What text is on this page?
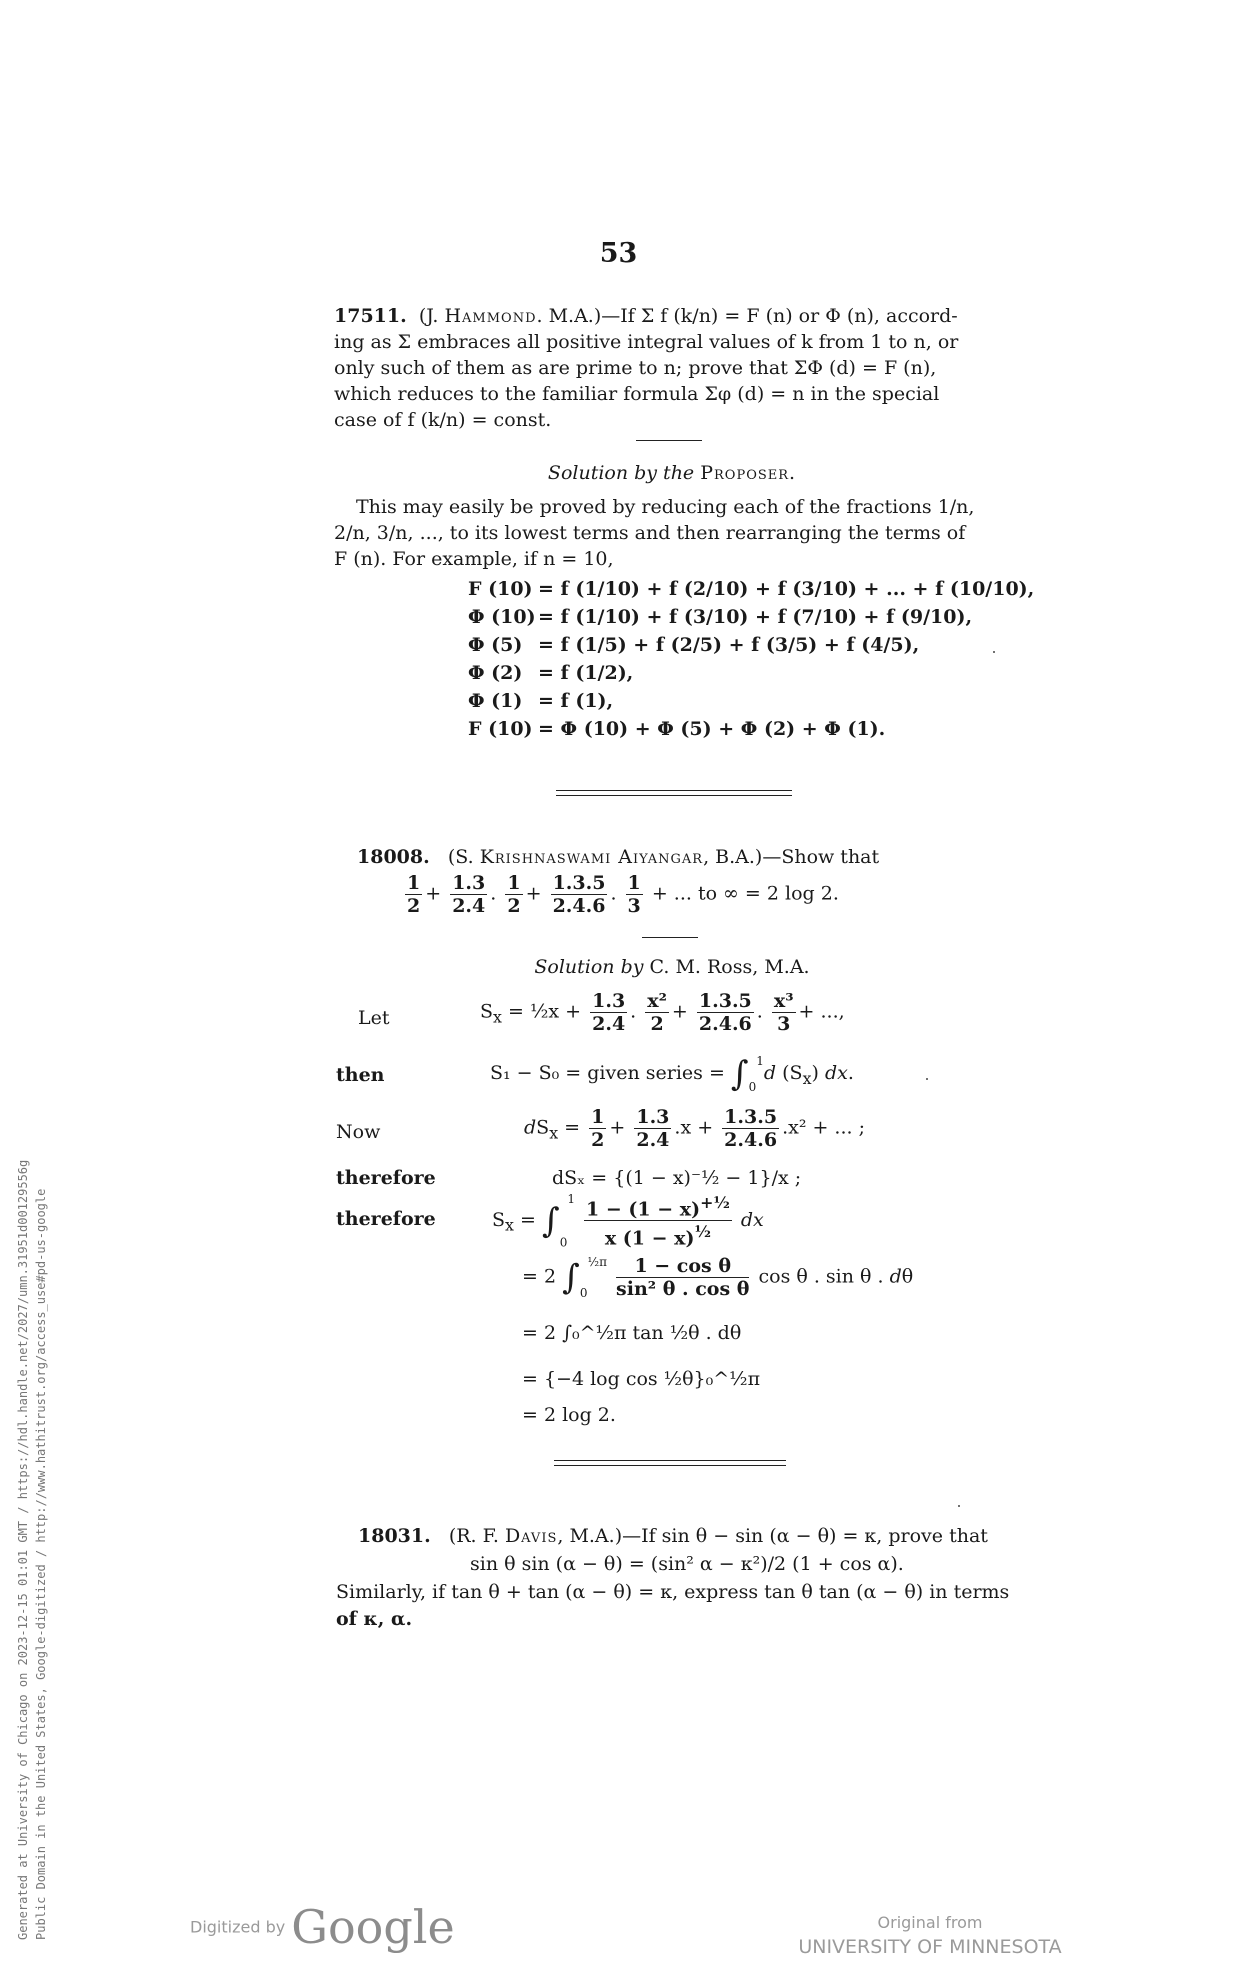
53
17511. (J. Hammond. M.A.)—If Σ f (k/n) = F (n) or Φ (n), accord-
ing as Σ embraces all positive integral values of k from 1 to n, or
only such of them as are prime to n; prove that ΣΦ (d) = F (n),
which reduces to the familiar formula Σφ (d) = n in the special
case of f (k/n) = const.
Solution by the Proposer.
This may easily be proved by reducing each of the fractions 1/n,
2/n, 3/n, ..., to its lowest terms and then rearranging the terms of
F (n). For example, if n = 10,
F (10) = f (1/10) + f (2/10) + f (3/10) + ... + f (10/10),
Φ (10) = f (1/10) + f (3/10) + f (7/10) + f (9/10),
Φ (5) = f (1/5) + f (2/5) + f (3/5) + f (4/5),
Φ (2) = f (1/2),
Φ (1) = f (1),
F (10) = Φ (10) + Φ (5) + Φ (2) + Φ (1).
18008. (S. Krishnaswami Aiyangar, B.A.)—Show that
$\frac{1}{2} + \frac{1.3}{2.4}$ . $\frac{1}{2} + \frac{1.3.5}{2.4.6}$ . $\frac{1}{3}$ + ... to ∞ = 2 log 2.
Solution by C. M. Ross, M.A.
Let	$S_x$ = ½x + $\frac{1.3}{2.4}$ . $\frac{\text{x²}}{2} + \frac{1.3.5}{2.4.6}$ . $\frac{\text{x³}}{3}$ + ...,
then	S₁ − S₀ = given series = $\int 0^1d$ $(S_x)$ dx.
Now	$dS_x = \frac{1}{2} + \frac{1.3}{2.4} .x + \frac{1.3.5}{2.4.6} .x^2$ + ... ;
therefore	dSₓ = {(1 − x)⁻½ − 1}/x ;
therefore	$S_x = \int 0^1 \frac{1 - (1 - x)^{+\frac{1}{2}}}{x (1 - x)^{\frac{1}{2}}}$ dx
= 2 $\int 0^{\frac{1}{2}\pi} \frac{\text{1 − cos θ}}{\text{sin² θ . cos θ}}$ cos θ . sin θ . dθ
= 2 ∫₀^½π tan ½θ . dθ
= {−4 log cos ½θ}₀^½π
= 2 log 2.
18031. (R. F. Davis, M.A.)—If sin θ − sin (α − θ) = κ, prove that
sin θ sin (α − θ) = (sin² α − κ²)/2 (1 + cos α).
Similarly, if tan θ + tan (α − θ) = κ, express tan θ tan (α − θ) in terms
of κ, α.
Generated at University of Chicago on 2023-12-15 01:01 GMT / https://hdl.handle.net/2027/umn.31951d00129556g Public Domain in the United States, Google-digitized / http://www.hathitrust.org/access_use#pd-us-google	Digitized by Google	Original from
UNIVERSITY OF MINNESOTA
